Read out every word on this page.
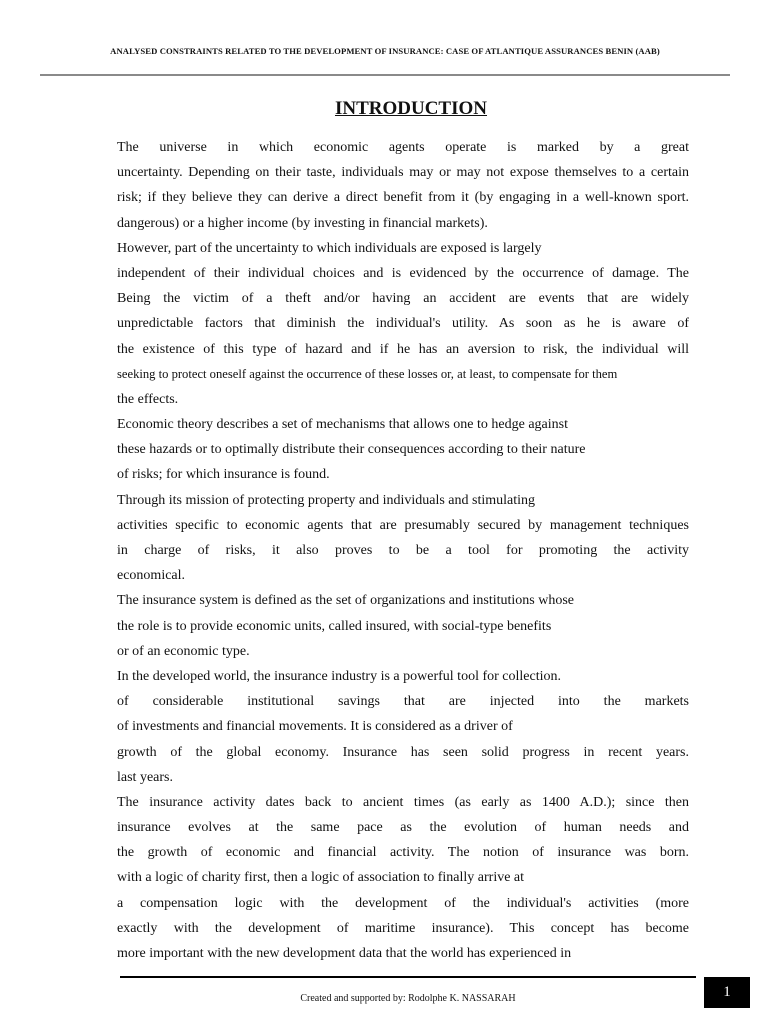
ANALYSED CONSTRAINTS RELATED TO THE DEVELOPMENT OF INSURANCE: CASE OF ATLANTIQUE ASSURANCES BENIN (AAB)
INTRODUCTION
The universe in which economic agents operate is marked by a great
uncertainty. Depending on their taste, individuals may or may not expose themselves to a certain
risk; if they believe they can derive a direct benefit from it (by engaging in a well-known sport.
dangerous) or a higher income (by investing in financial markets).
However, part of the uncertainty to which individuals are exposed is largely
independent of their individual choices and is evidenced by the occurrence of damage. The
Being the victim of a theft and/or having an accident are events that are widely
unpredictable factors that diminish the individual's utility. As soon as he is aware of
the existence of this type of hazard and if he has an aversion to risk, the individual will
seeking to protect oneself against the occurrence of these losses or, at least, to compensate for them
the effects.
Economic theory describes a set of mechanisms that allows one to hedge against
these hazards or to optimally distribute their consequences according to their nature
of risks; for which insurance is found.
Through its mission of protecting property and individuals and stimulating
activities specific to economic agents that are presumably secured by management techniques
in charge of risks, it also proves to be a tool for promoting the activity
economical.
The insurance system is defined as the set of organizations and institutions whose
the role is to provide economic units, called insured, with social-type benefits
or of an economic type.
In the developed world, the insurance industry is a powerful tool for collection.
of considerable institutional savings that are injected into the markets
of investments and financial movements. It is considered as a driver of
growth of the global economy. Insurance has seen solid progress in recent years.
last years.
The insurance activity dates back to ancient times (as early as 1400 A.D.); since then
insurance evolves at the same pace as the evolution of human needs and
the growth of economic and financial activity. The notion of insurance was born.
with a logic of charity first, then a logic of association to finally arrive at
a compensation logic with the development of the individual's activities (more
exactly with the development of maritime insurance). This concept has become
more important with the new development data that the world has experienced in
Created and supported by: Rodolphe K. NASSARAH	1
